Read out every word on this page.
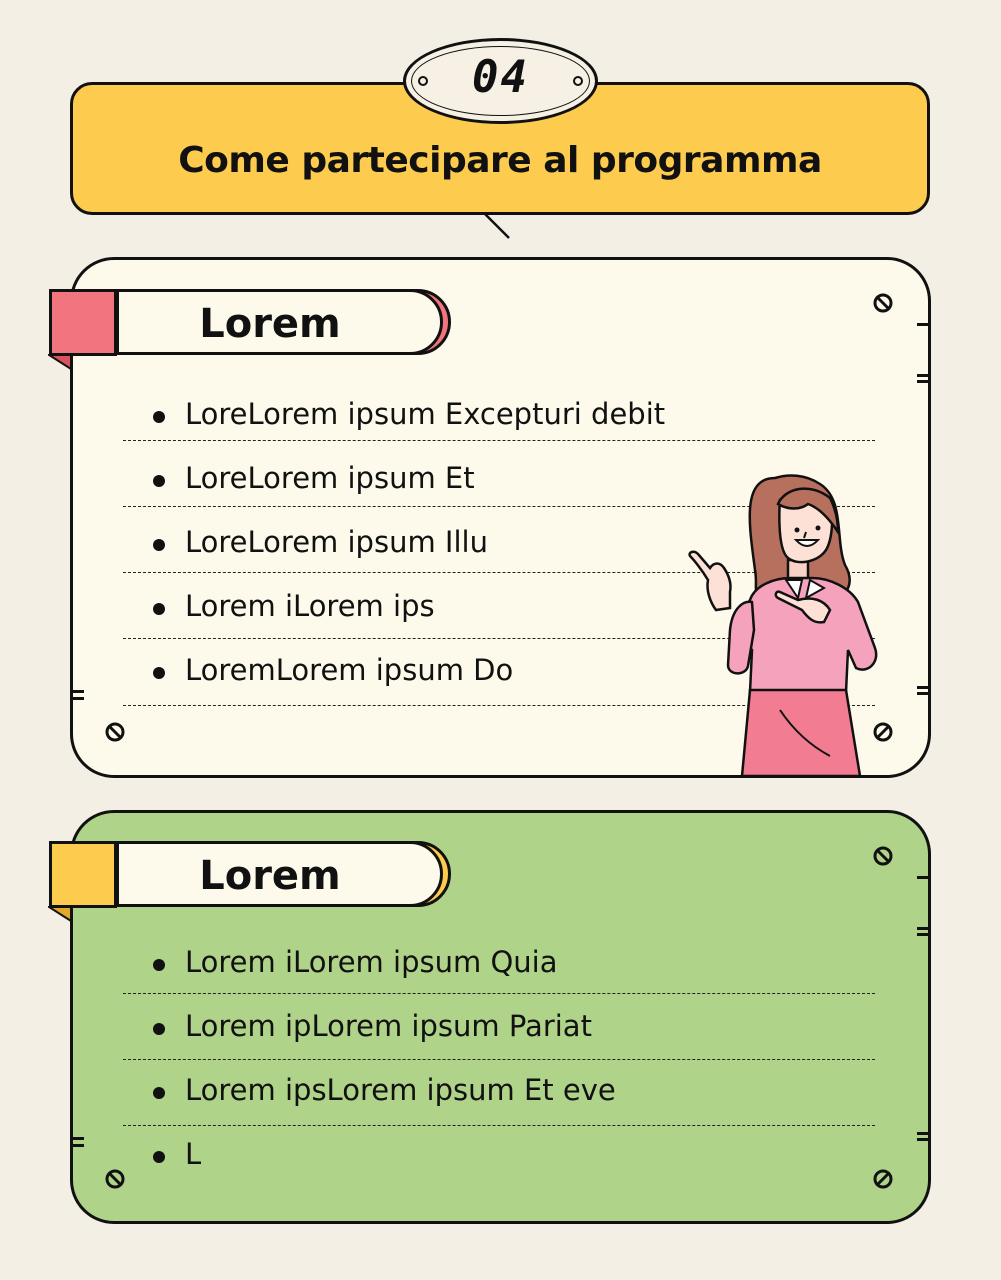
Come partecipare al programma
04
Lorem
LoreLorem ipsum Excepturi debit
LoreLorem ipsum Et
LoreLorem ipsum Illu
Lorem iLorem ips
LoremLorem ipsum Do
Lorem
Lorem iLorem ipsum Quia
Lorem ipLorem ipsum Pariat
Lorem ipsLorem ipsum Et eve
L
